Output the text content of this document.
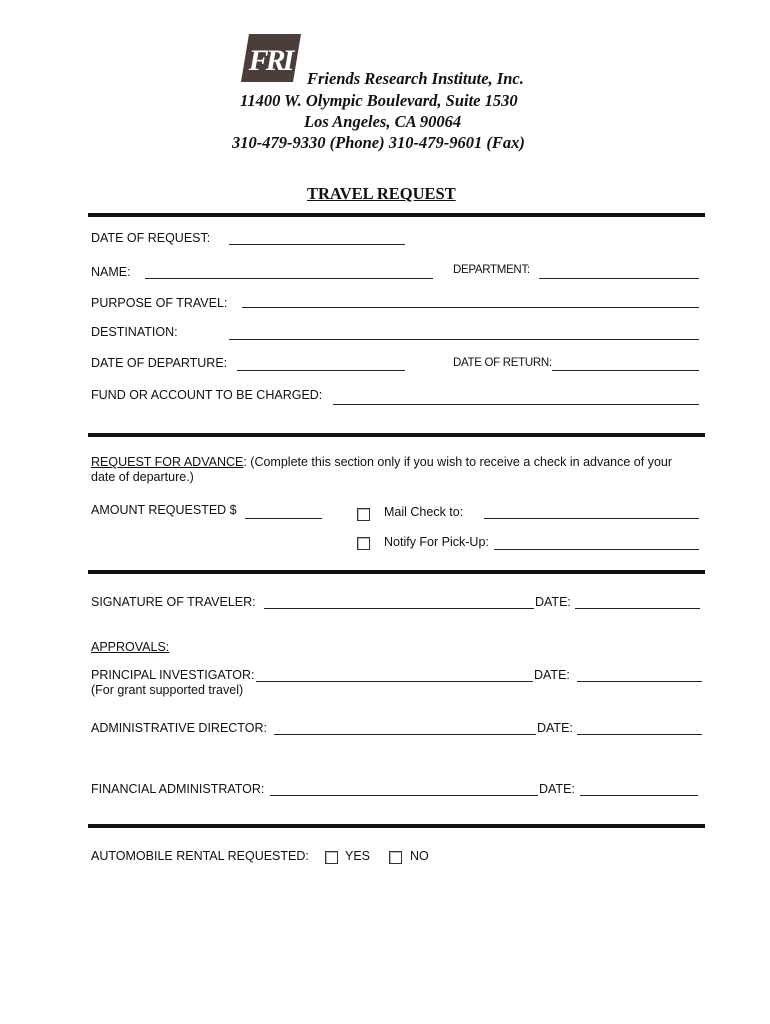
FRI
Friends Research Institute, Inc.
11400 W. Olympic Boulevard, Suite 1530
Los Angeles, CA 90064
310-479-9330 (Phone) 310-479-9601 (Fax)
TRAVEL REQUEST
DATE OF REQUEST:
NAME:	DEPARTMENT:
PURPOSE OF TRAVEL:
DESTINATION:
DATE OF DEPARTURE:	DATE OF RETURN:
FUND OR ACCOUNT TO BE CHARGED:
REQUEST FOR ADVANCE: (Complete this section only if you wish to receive a check in advance of your
date of departure.)
AMOUNT REQUESTED $	Mail Check to:
Notify For Pick-Up:
SIGNATURE OF TRAVELER:	DATE:
APPROVALS:
PRINCIPAL INVESTIGATOR:	DATE:
(For grant supported travel)
ADMINISTRATIVE DIRECTOR:	DATE:
FINANCIAL ADMINISTRATOR:	DATE:
AUTOMOBILE RENTAL REQUESTED:	YES	NO
